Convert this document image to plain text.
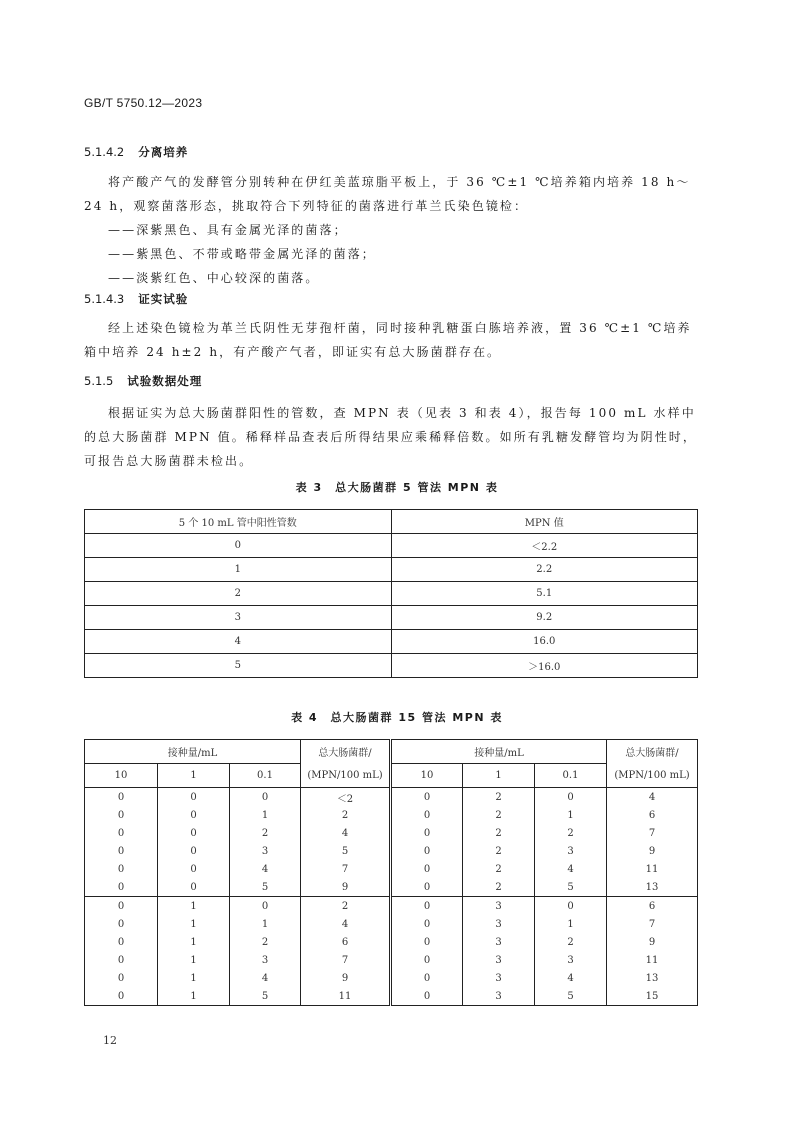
GB/T 5750.12—2023
5.1.4.2 分离培养
将产酸产气的发酵管分别转种在伊红美蓝琼脂平板上，于 36 ℃±1 ℃培养箱内培养 18 h～24 h，观察菌落形态，挑取符合下列特征的菌落进行革兰氏染色镜检：
——深紫黑色、具有金属光泽的菌落；
——紫黑色、不带或略带金属光泽的菌落；
——淡紫红色、中心较深的菌落。
5.1.4.3 证实试验
经上述染色镜检为革兰氏阴性无芽孢杆菌，同时接种乳糖蛋白胨培养液，置 36 ℃±1 ℃培养箱中培养 24 h±2 h，有产酸产气者，即证实有总大肠菌群存在。
5.1.5 试验数据处理
根据证实为总大肠菌群阳性的管数，查 MPN 表（见表 3 和表 4），报告每 100 mL 水样中的总大肠菌群 MPN 值。稀释样品查表后所得结果应乘稀释倍数。如所有乳糖发酵管均为阴性时，可报告总大肠菌群未检出。
表 3　总大肠菌群 5 管法 MPN 表
5 个 10 mL 管中阳性管数	MPN 值
0	＜2.2
1	2.2
2	5.1
3	9.2
4	16.0
5	＞16.0
表 4　总大肠菌群 15 管法 MPN 表
接种量/mL			总大肠菌群/	接种量/mL			总大肠菌群/
10	1	0.1	(MPN/100 mL)	10	1	0.1	(MPN/100 mL)
0	0	0	＜2	0	2	0	4
0	0	1	2	0	2	1	6
0	0	2	4	0	2	2	7
0	0	3	5	0	2	3	9
0	0	4	7	0	2	4	11
0	0	5	9	0	2	5	13
0	1	0	2	0	3	0	6
0	1	1	4	0	3	1	7
0	1	2	6	0	3	2	9
0	1	3	7	0	3	3	11
0	1	4	9	0	3	4	13
0	1	5	11	0	3	5	15
12
